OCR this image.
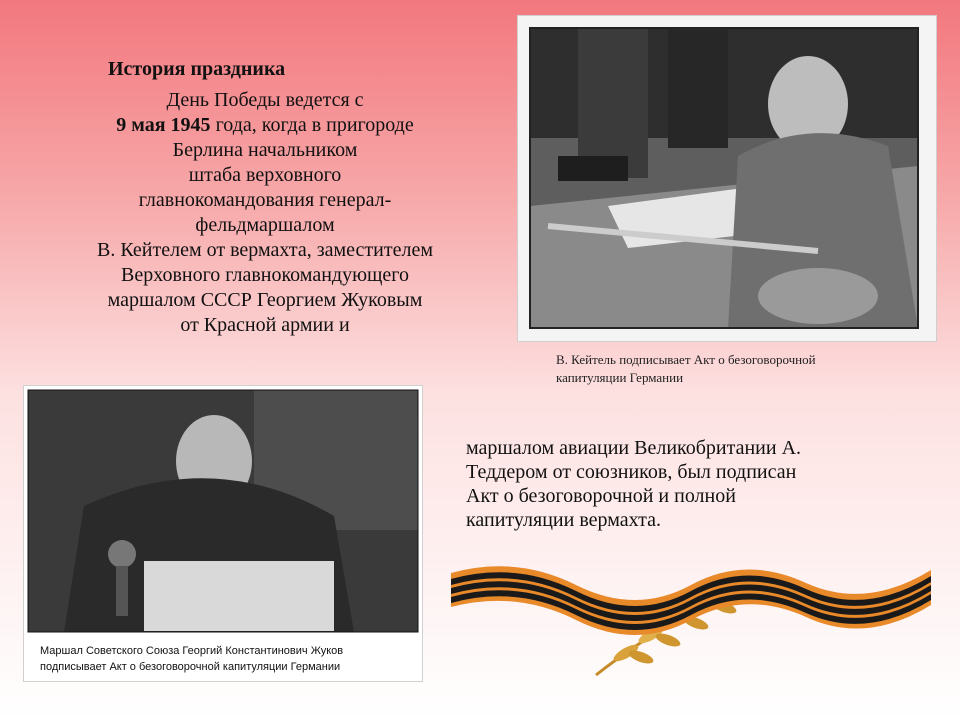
История праздника
День Победы ведется с
9 мая 1945 года, когда в пригороде
Берлина начальником
штаба верховного
главнокомандования генерал-
фельдмаршалом
В. Кейтелем от вермахта, заместителем
Верховного главнокомандующего
маршалом СССР Георгием Жуковым
от Красной армии и
В. Кейтель подписывает Акт о безоговорочной
капитуляции Германии
Маршал Советского Союза Георгий Константинович Жуков
подписывает Акт о безоговорочной капитуляции Германии
маршалом авиации Великобритании А.
Теддером от союзников, был подписан
Акт о безоговорочной и полной
капитуляции вермахта.
